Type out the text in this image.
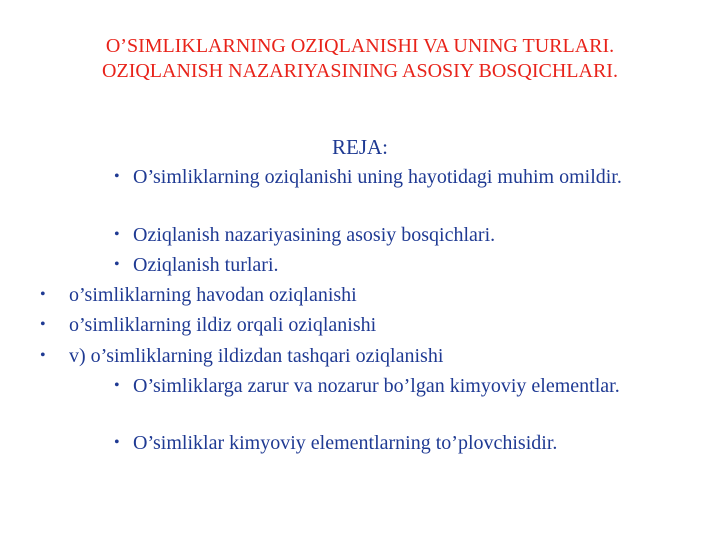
O’SIMLIKLARNING OZIQLANISHI VA UNING TURLARI.
OZIQLANISH NAZARIYASINING ASOSIY BOSQICHLARI.
REJA:
• O’simliklarning oziqlanishi uning hayotidagi muhim omildir.
• Oziqlanish nazariyasining asosiy bosqichlari.
• Oziqlanish turlari.
• o’simliklarning havodan oziqlanishi
• o’simliklarning ildiz orqali oziqlanishi
• v) o’simliklarning ildizdan tashqari oziqlanishi
• O’simliklarga zarur va nozarur bo’lgan kimyoviy elementlar.
• O’simliklar kimyoviy elementlarning to’plovchisidir.
